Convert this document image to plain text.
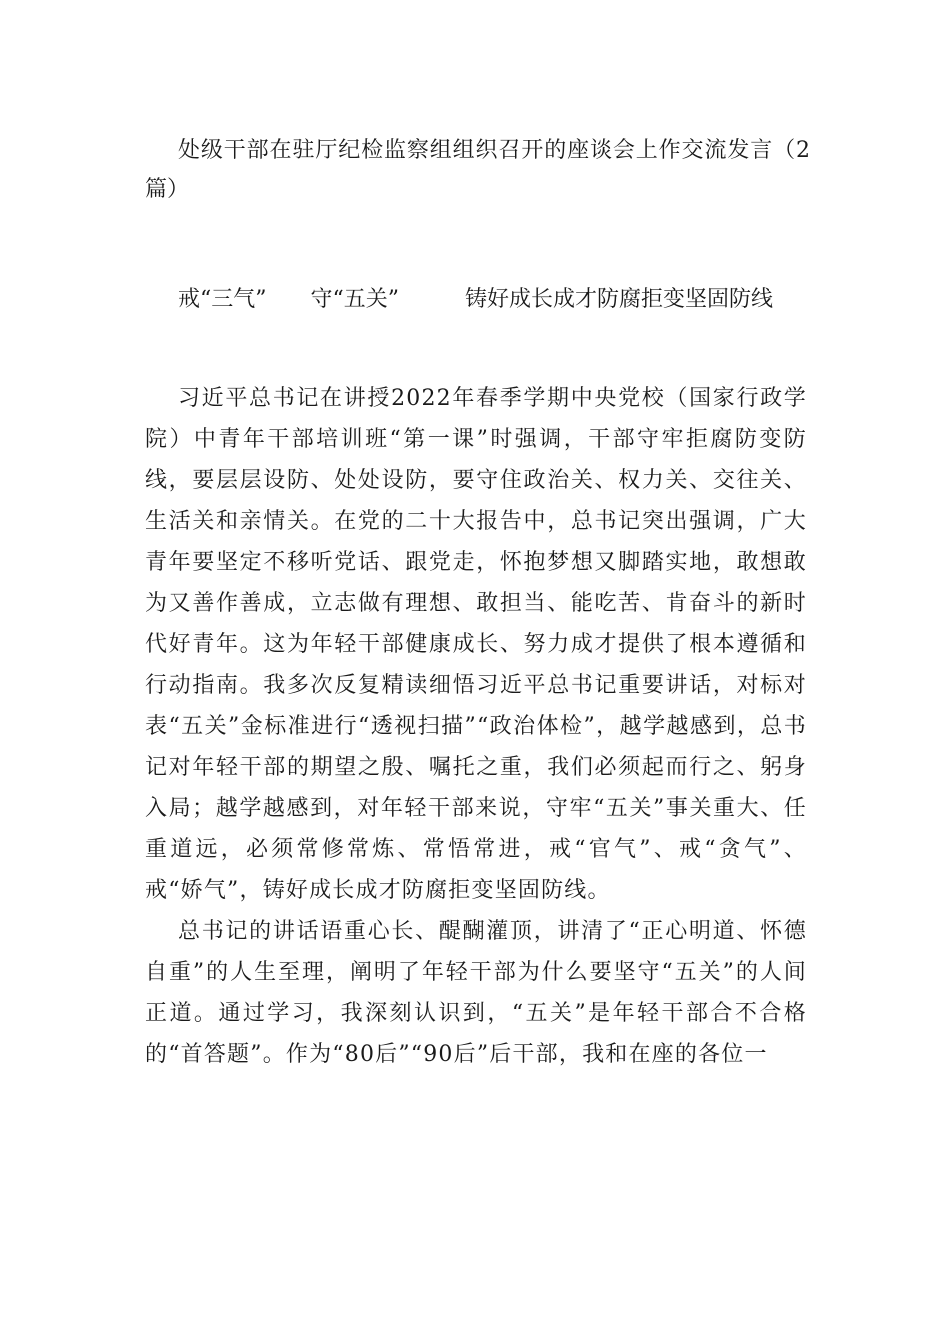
处级干部在驻厅纪检监察组组织召开的座谈会上作交流发言（2篇）

戒“三气”　　守“五关”　　　铸好成长成才防腐拒变坚固防线

习近平总书记在讲授2022年春季学期中央党校（国家行政学院）中青年干部培训班“第一课”时强调，干部守牢拒腐防变防线，要层层设防、处处设防，要守住政治关、权力关、交往关、生活关和亲情关。在党的二十大报告中，总书记突出强调，广大青年要坚定不移听党话、跟党走，怀抱梦想又脚踏实地，敢想敢为又善作善成，立志做有理想、敢担当、能吃苦、肯奋斗的新时代好青年。这为年轻干部健康成长、努力成才提供了根本遵循和行动指南。我多次反复精读细悟习近平总书记重要讲话，对标对表“五关”金标准进行“透视扫描”“政治体检”，越学越感到，总书记对年轻干部的期望之殷、嘱托之重，我们必须起而行之、躬身入局；越学越感到，对年轻干部来说，守牢“五关”事关重大、任重道远，必须常修常炼、常悟常进，戒“官气”、戒“贪气”、戒“娇气”，铸好成长成才防腐拒变坚固防线。

总书记的讲话语重心长、醍醐灌顶，讲清了“正心明道、怀德自重”的人生至理，阐明了年轻干部为什么要坚守“五关”的人间正道。通过学习，我深刻认识到，“五关”是年轻干部合不合格的“首答题”。作为“80后”“90后”后干部，我和在座的各位一
